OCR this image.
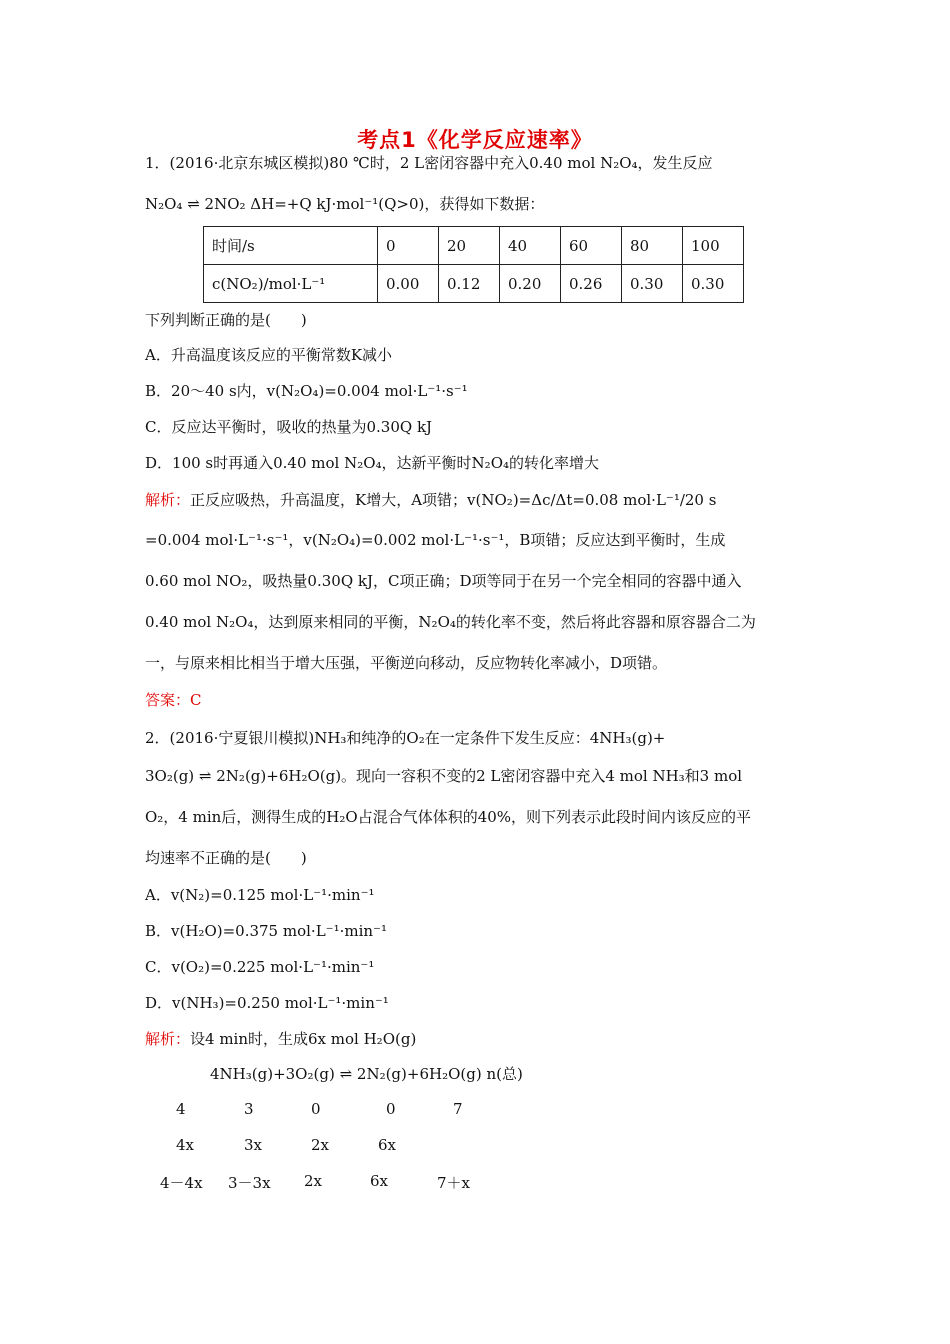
考点1《化学反应速率》
1．(2016·北京东城区模拟)80 ℃时，2 L密闭容器中充入0.40 mol N₂O₄，发生反应
N₂O₄ ⇌ 2NO₂ ΔH=+Q kJ·mol⁻¹(Q>0)，获得如下数据：
时间/s	0	20	40	60	80	100
c(NO₂)/mol·L⁻¹	0.00	0.12	0.20	0.26	0.30	0.30
下列判断正确的是(　　)
A．升高温度该反应的平衡常数K减小
B．20～40 s内，v(N₂O₄)=0.004 mol·L⁻¹·s⁻¹
C．反应达平衡时，吸收的热量为0.30Q kJ
D．100 s时再通入0.40 mol N₂O₄，达新平衡时N₂O₄的转化率增大
解析：正反应吸热，升高温度，K增大，A项错；v(NO₂)=Δc/Δt=0.08 mol·L⁻¹/20 s
=0.004 mol·L⁻¹·s⁻¹，v(N₂O₄)=0.002 mol·L⁻¹·s⁻¹，B项错；反应达到平衡时，生成
0.60 mol NO₂，吸热量0.30Q kJ，C项正确；D项等同于在另一个完全相同的容器中通入
0.40 mol N₂O₄，达到原来相同的平衡，N₂O₄的转化率不变，然后将此容器和原容器合二为
一，与原来相比相当于增大压强，平衡逆向移动，反应物转化率减小，D项错。
答案：C
2．(2016·宁夏银川模拟)NH₃和纯净的O₂在一定条件下发生反应：4NH₃(g)+
3O₂(g) ⇌ 2N₂(g)+6H₂O(g)。现向一容积不变的2 L密闭容器中充入4 mol NH₃和3 mol
O₂，4 min后，测得生成的H₂O占混合气体体积的40%，则下列表示此段时间内该反应的平
均速率不正确的是(　　)
A．v(N₂)=0.125 mol·L⁻¹·min⁻¹
B．v(H₂O)=0.375 mol·L⁻¹·min⁻¹
C．v(O₂)=0.225 mol·L⁻¹·min⁻¹
D．v(NH₃)=0.250 mol·L⁻¹·min⁻¹
解析：设4 min时，生成6x mol H₂O(g)
4NH₃(g)+3O₂(g) ⇌ 2N₂(g)+6H₂O(g) n(总)
4	3	0	0	7
4x	3x	2x	6x
4－4x 3－3x 2x	6x	7＋x
